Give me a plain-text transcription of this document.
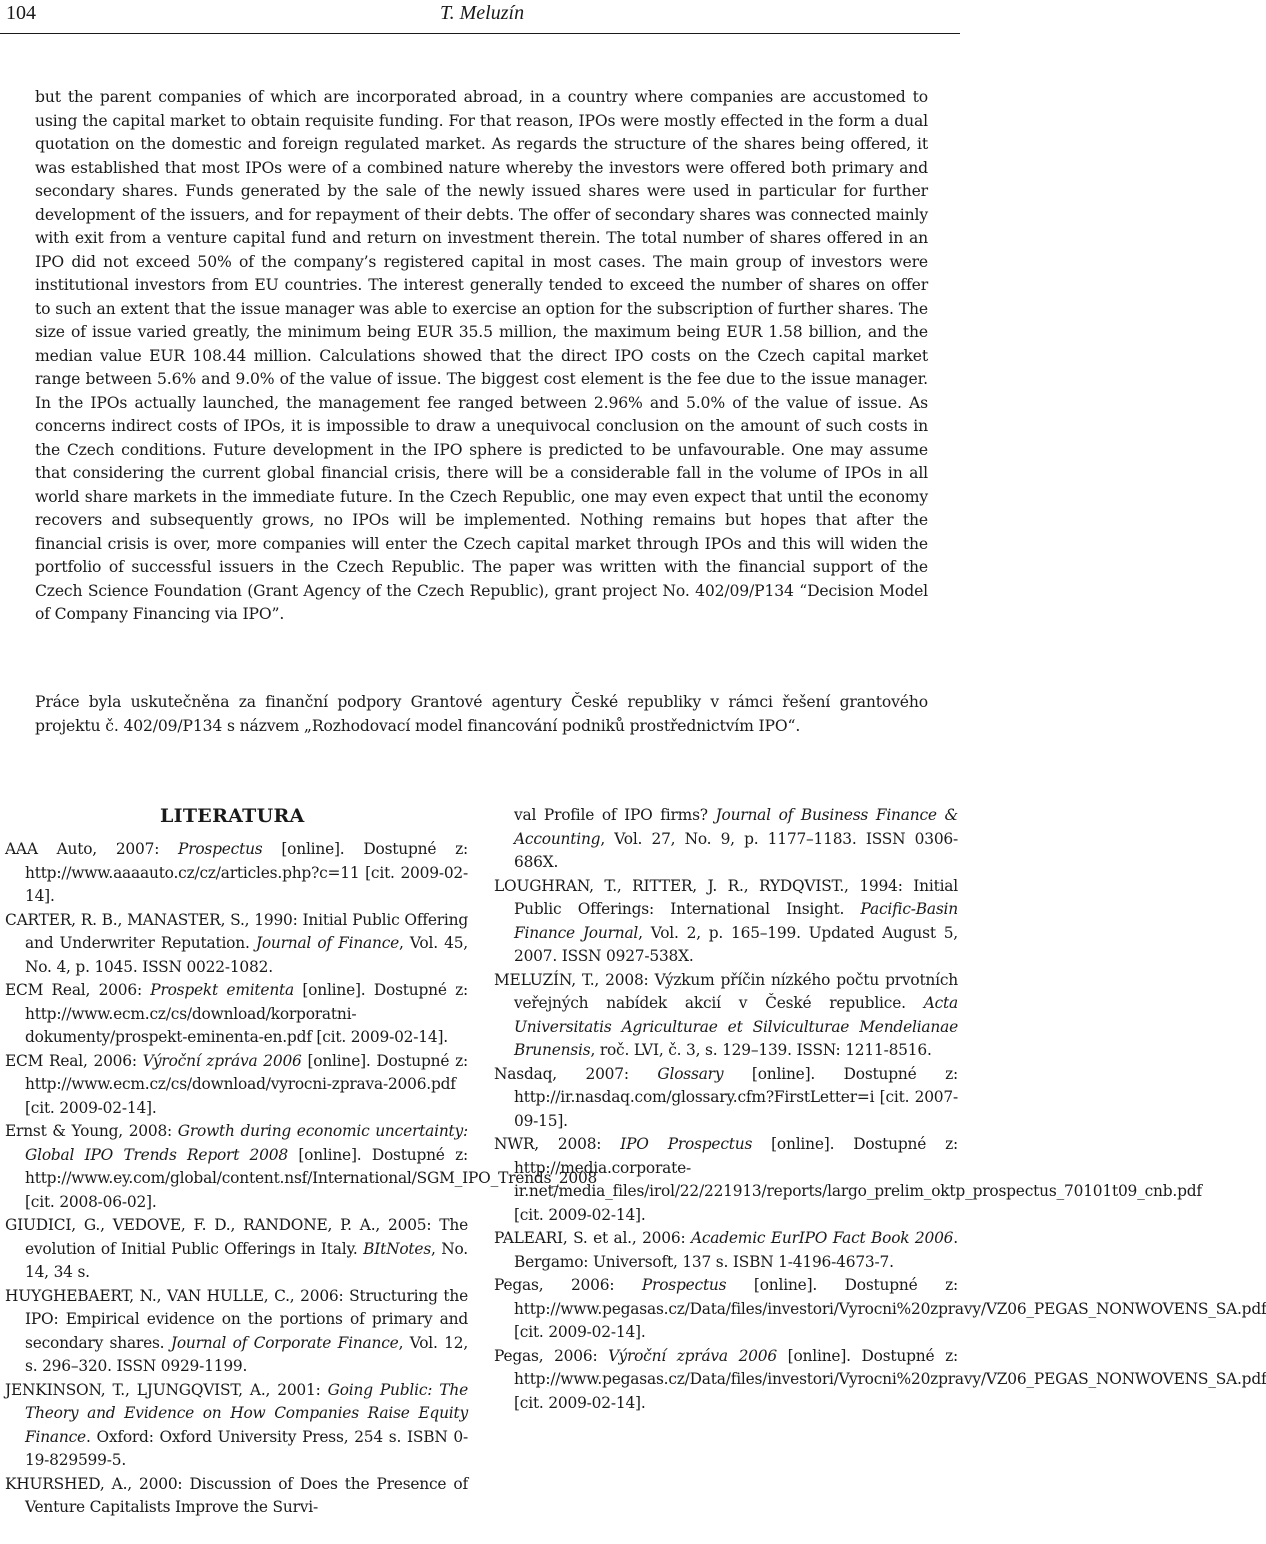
104	T. Meluzín

but the parent companies of which are incorporated abroad, in a country where companies are accustomed to using the capital market to obtain requisite funding. For that reason, IPOs were mostly effected in the form a dual quotation on the domestic and foreign regulated market. As regards the structure of the shares being offered, it was established that most IPOs were of a combined nature whereby the investors were offered both primary and secondary shares. Funds generated by the sale of the newly issued shares were used in particular for further development of the issuers, and for repayment of their debts. The offer of secondary shares was connected mainly with exit from a venture capital fund and return on investment therein. The total number of shares offered in an IPO did not exceed 50% of the company’s registered capital in most cases. The main group of investors were institutional investors from EU countries. The interest generally tended to exceed the number of shares on offer to such an extent that the issue manager was able to exercise an option for the subscription of further shares. The size of issue varied greatly, the minimum being EUR 35.5 million, the maximum being EUR 1.58 billion, and the median value EUR 108.44 million. Calculations showed that the direct IPO costs on the Czech capital market range between 5.6% and 9.0% of the value of issue. The biggest cost element is the fee due to the issue manager. In the IPOs actually launched, the management fee ranged between 2.96% and 5.0% of the value of issue. As concerns indirect costs of IPOs, it is impossible to draw a unequivocal conclusion on the amount of such costs in the Czech conditions. Future development in the IPO sphere is predicted to be unfavourable. One may assume that considering the current global financial crisis, there will be a considerable fall in the volume of IPOs in all world share markets in the immediate future. In the Czech Republic, one may even expect that until the economy recovers and subsequently grows, no IPOs will be implemented. Nothing remains but hopes that after the financial crisis is over, more companies will enter the Czech capital market through IPOs and this will widen the portfolio of successful issuers in the Czech Republic. The paper was written with the financial support of the Czech Science Foundation (Grant Agency of the Czech Republic), grant project No. 402/09/P134 “Decision Model of Company Financing via IPO”.

Práce byla uskutečněna za finanční podpory Grantové agentury České republiky v rámci řešení grantového projektu č. 402/09/P134 s názvem „Rozhodovací model financování podniků prostřednictvím IPO“.

LITERATURA

AAA Auto, 2007: Prospectus [online]. Dostupné z: http://www.aaaauto.cz/cz/articles.php?c=11 [cit. 2009-02-14].

CARTER, R. B., MANASTER, S., 1990: Initial Public Offering and Underwriter Reputation. Journal of Finance, Vol. 45, No. 4, p. 1045. ISSN 0022-1082.

ECM Real, 2006: Prospekt emitenta [online]. Dostupné z: http://www.ecm.cz/cs/download/korporatni-dokumenty/prospekt-eminenta-en.pdf [cit. 2009-02-14].

ECM Real, 2006: Výroční zpráva 2006 [online]. Dostupné z: http://www.ecm.cz/cs/download/vyrocni-zprava-2006.pdf [cit. 2009-02-14].

Ernst & Young, 2008: Growth during economic uncertainty: Global IPO Trends Report 2008 [online]. Dostupné z: http://www.ey.com/global/content.nsf/International/SGM_IPO_Trends_2008 [cit. 2008-06-02].

GIUDICI, G., VEDOVE, F. D., RANDONE, P. A., 2005: The evolution of Initial Public Offerings in Italy. BItNotes, No. 14, 34 s.

HUYGHEBAERT, N., VAN HULLE, C., 2006: Structuring the IPO: Empirical evidence on the portions of primary and secondary shares. Journal of Corporate Finance, Vol. 12, s. 296–320. ISSN 0929-1199.

JENKINSON, T., LJUNGQVIST, A., 2001: Going Public: The Theory and Evidence on How Companies Raise Equity Finance. Oxford: Oxford University Press, 254 s. ISBN 0-19-829599-5.

KHURSHED, A., 2000: Discussion of Does the Presence of Venture Capitalists Improve the Survi-

val Profile of IPO firms? Journal of Business Finance & Accounting, Vol. 27, No. 9, p. 1177–1183. ISSN 0306-686X.

LOUGHRAN, T., RITTER, J. R., RYDQVIST., 1994: Initial Public Offerings: International Insight. Pacific-Basin Finance Journal, Vol. 2, p. 165–199. Updated August 5, 2007. ISSN 0927-538X.

MELUZÍN, T., 2008: Výzkum příčin nízkého počtu prvotních veřejných nabídek akcií v České republice. Acta Universitatis Agriculturae et Silviculturae Mendelianae Brunensis, roč. LVI, č. 3, s. 129–139. ISSN: 1211-8516.

Nasdaq, 2007: Glossary [online]. Dostupné z: http://ir.nasdaq.com/glossary.cfm?FirstLetter=i [cit. 2007-09-15].

NWR, 2008: IPO Prospectus [online]. Dostupné z: http://media.corporate-ir.net/media_files/irol/22/221913/reports/largo_prelim_oktp_prospectus_70101t09_cnb.pdf [cit. 2009-02-14].

PALEARI, S. et al., 2006: Academic EurIPO Fact Book 2006. Bergamo: Universoft, 137 s. ISBN 1-4196-4673-7.

Pegas, 2006: Prospectus [online]. Dostupné z: http://www.pegasas.cz/Data/files/investori/Vyrocni%20zpravy/VZ06_PEGAS_NONWOVENS_SA.pdf [cit. 2009-02-14].

Pegas, 2006: Výroční zpráva 2006 [online]. Dostupné z: http://www.pegasas.cz/Data/files/investori/Vyrocni%20zpravy/VZ06_PEGAS_NONWOVENS_SA.pdf [cit. 2009-02-14].
